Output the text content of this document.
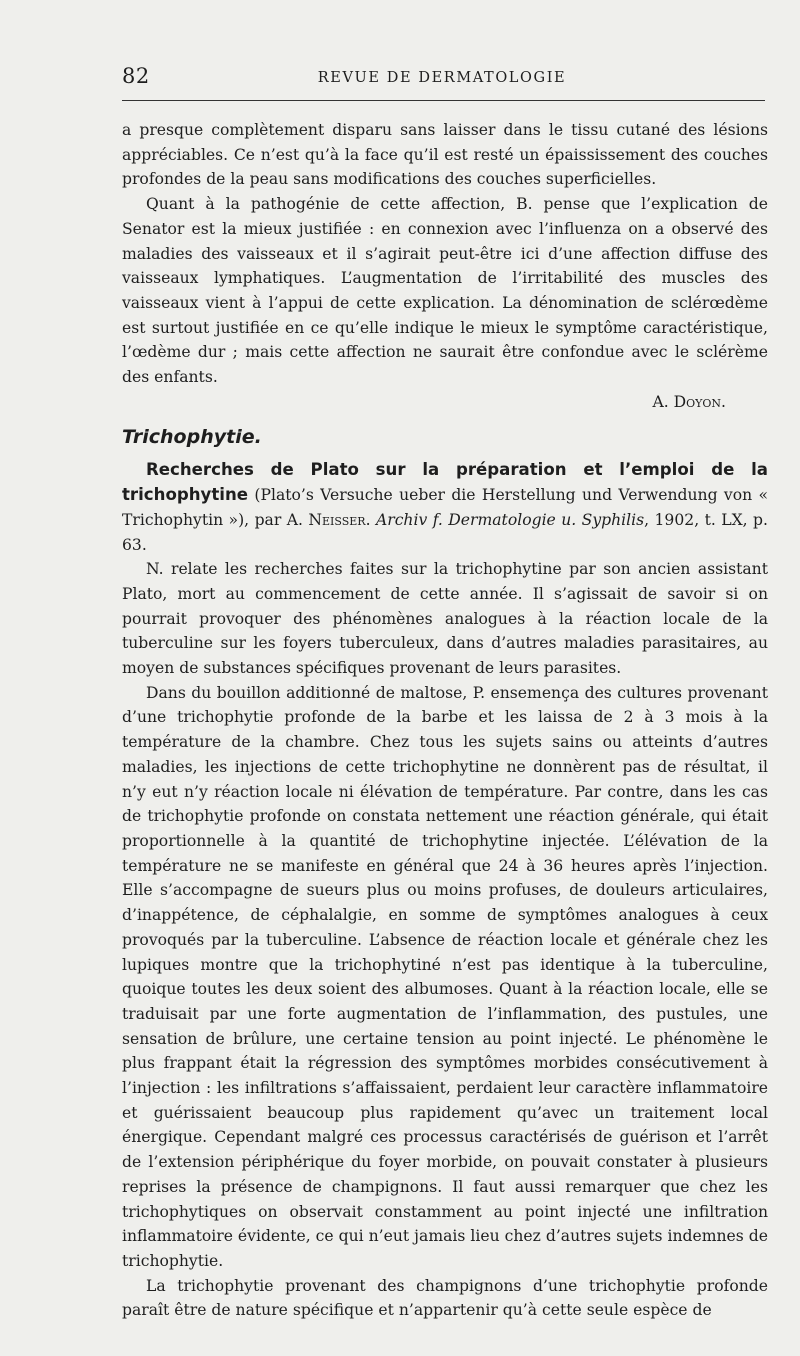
82	REVUE DE DERMATOLOGIE

a presque complètement disparu sans laisser dans le tissu cutané des lésions appréciables. Ce n’est qu’à la face qu’il est resté un épaississement des couches profondes de la peau sans modifications des couches superficielles.

Quant à la pathogénie de cette affection, B. pense que l’explication de Senator est la mieux justifiée : en connexion avec l’influenza on a observé des maladies des vaisseaux et il s’agirait peut-être ici d’une affection diffuse des vaisseaux lymphatiques. L’augmentation de l’irritabilité des muscles des vaisseaux vient à l’appui de cette explication. La dénomination de sclérœdème est surtout justifiée en ce qu’elle indique le mieux le symptôme caractéristique, l’œdème dur ; mais cette affection ne saurait être confondue avec le sclérème des enfants.

A. Doyon.

Trichophytie.

Recherches de Plato sur la préparation et l’emploi de la trichophytine (Plato’s Versuche ueber die Herstellung und Verwendung von « Trichophytin »), par A. Neisser. Archiv f. Dermatologie u. Syphilis, 1902, t. LX, p. 63.

N. relate les recherches faites sur la trichophytine par son ancien assistant Plato, mort au commencement de cette année. Il s’agissait de savoir si on pourrait provoquer des phénomènes analogues à la réaction locale de la tuberculine sur les foyers tuberculeux, dans d’autres maladies parasitaires, au moyen de substances spécifiques provenant de leurs parasites.

Dans du bouillon additionné de maltose, P. ensemença des cultures provenant d’une trichophytie profonde de la barbe et les laissa de 2 à 3 mois à la température de la chambre. Chez tous les sujets sains ou atteints d’autres maladies, les injections de cette trichophytine ne donnèrent pas de résultat, il n’y eut n’y réaction locale ni élévation de température. Par contre, dans les cas de trichophytie profonde on constata nettement une réaction générale, qui était proportionnelle à la quantité de trichophytine injectée. L’élévation de la température ne se manifeste en général que 24 à 36 heures après l’injection. Elle s’accompagne de sueurs plus ou moins profuses, de douleurs articulaires, d’inappétence, de céphalalgie, en somme de symptômes analogues à ceux provoqués par la tuberculine. L’absence de réaction locale et générale chez les lupiques montre que la trichophytiné n’est pas identique à la tuberculine, quoique toutes les deux soient des albumoses. Quant à la réaction locale, elle se traduisait par une forte augmentation de l’inflammation, des pustules, une sensation de brûlure, une certaine tension au point injecté. Le phénomène le plus frappant était la régression des symptômes morbides consécutivement à l’injection : les infiltrations s’affaissaient, perdaient leur caractère inflammatoire et guérissaient beaucoup plus rapidement qu’avec un traitement local énergique. Cependant malgré ces processus caractérisés de guérison et l’arrêt de l’extension périphérique du foyer morbide, on pouvait constater à plusieurs reprises la présence de champignons. Il faut aussi remarquer que chez les trichophytiques on observait constamment au point injecté une infiltration inflammatoire évidente, ce qui n’eut jamais lieu chez d’autres sujets indemnes de trichophytie.

La trichophytie provenant des champignons d’une trichophytie profonde paraît être de nature spécifique et n’appartenir qu’à cette seule espèce de
